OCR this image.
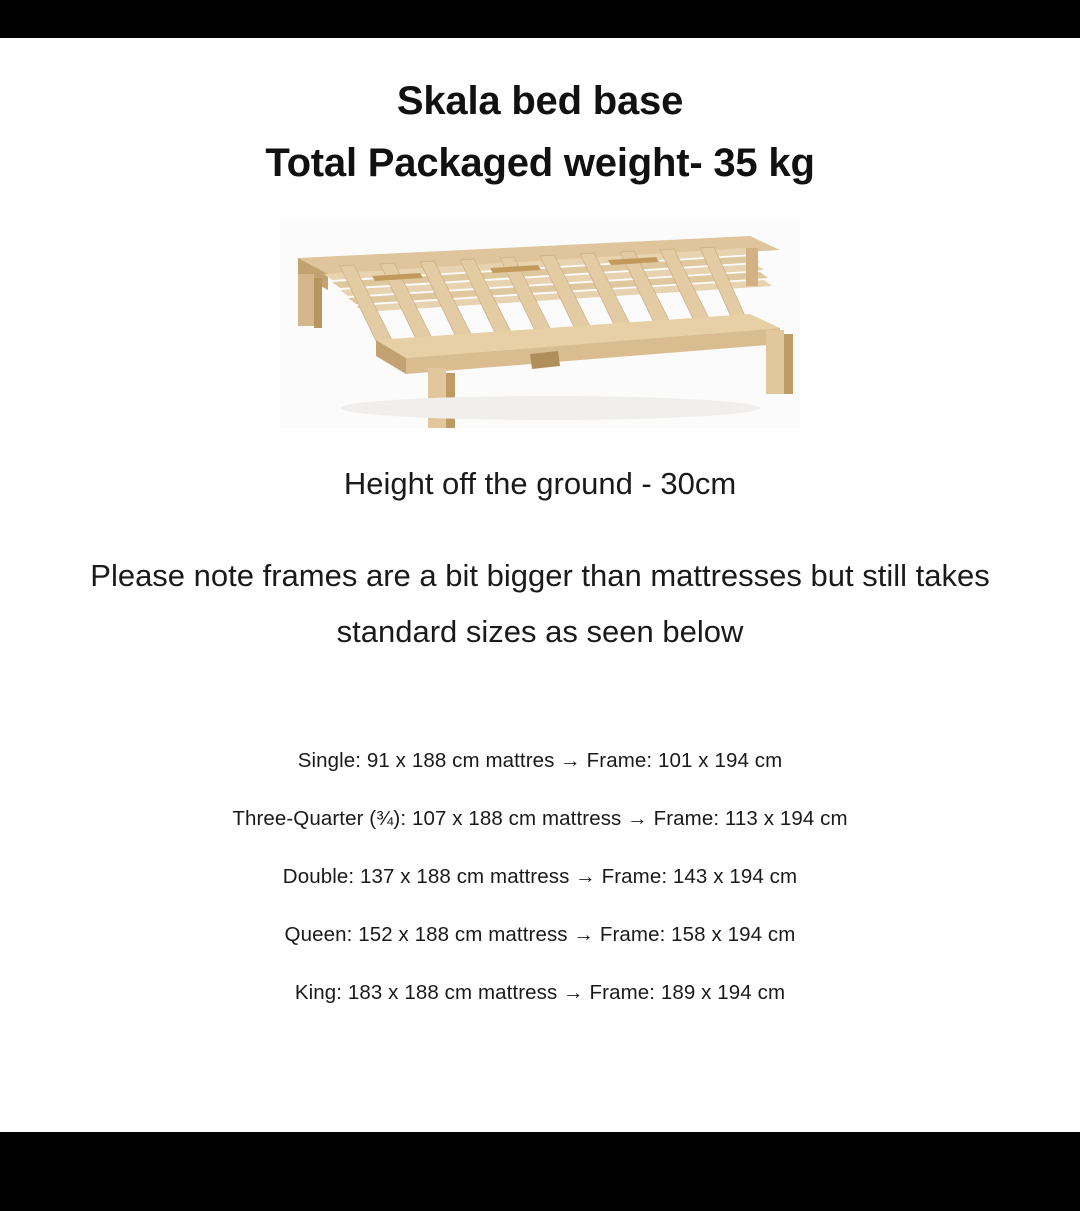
Skala bed base
Total Packaged weight- 35 kg
Height off the ground - 30cm
Please note frames are a bit bigger than mattresses but still takes standard sizes as seen below
Single: 91 x 188 cm mattres → Frame: 101 x 194 cm
Three-Quarter (¾): 107 x 188 cm mattress → Frame: 113 x 194 cm
Double: 137 x 188 cm mattress → Frame: 143 x 194 cm
Queen: 152 x 188 cm mattress → Frame: 158 x 194 cm
King: 183 x 188 cm mattress → Frame: 189 x 194 cm
